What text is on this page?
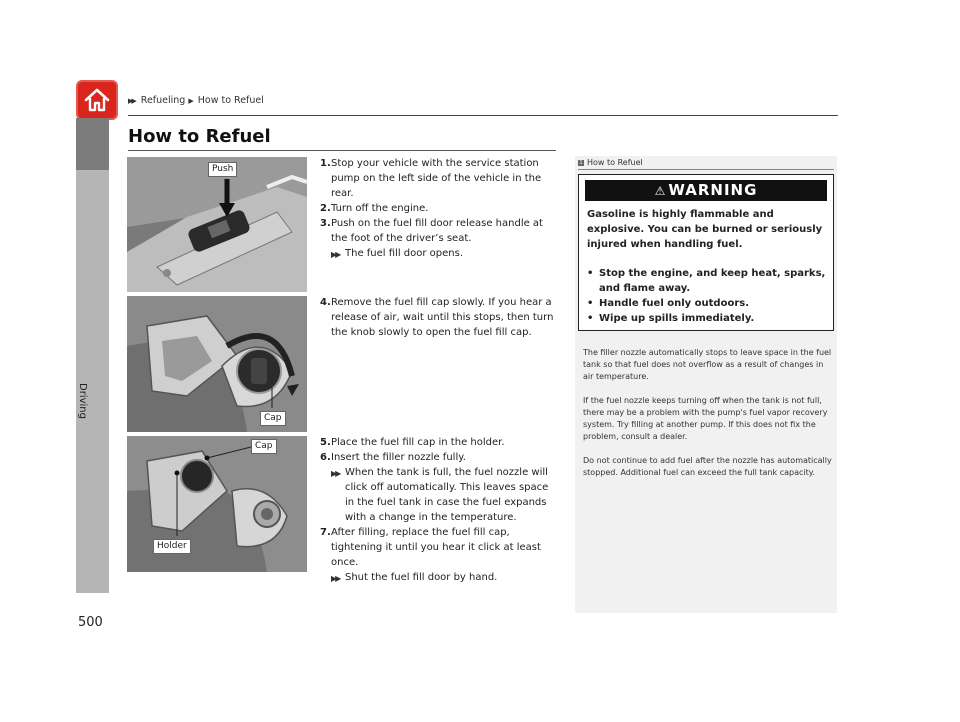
▶▶ Refueling ▶ How to Refuel
Driving
500
How to Refuel
Push
Cap
Cap
Holder
1. Stop your vehicle with the service station pump on the left side of the vehicle in the rear.
2. Turn off the engine.
3. Push on the fuel fill door release handle at the foot of the driver’s seat.
▶▶ The fuel fill door opens.
4. Remove the fuel fill cap slowly. If you hear a release of air, wait until this stops, then turn the knob slowly to open the fuel fill cap.
5. Place the fuel fill cap in the holder.
6. Insert the filler nozzle fully.
▶▶ When the tank is full, the fuel nozzle will click off automatically. This leaves space in the fuel tank in case the fuel expands with a change in the temperature.
7. After filling, replace the fuel fill cap, tightening it until you hear it click at least once.
▶▶ Shut the fuel fill door by hand.
1 How to Refuel
⚠ WARNING
Gasoline is highly flammable and explosive. You can be burned or seriously injured when handling fuel.
• Stop the engine, and keep heat, sparks, and flame away.
• Handle fuel only outdoors.
• Wipe up spills immediately.

The filler nozzle automatically stops to leave space in the fuel tank so that fuel does not overflow as a result of changes in air temperature.

If the fuel nozzle keeps turning off when the tank is not full, there may be a problem with the pump's fuel vapor recovery system. Try filling at another pump. If this does not fix the problem, consult a dealer.

Do not continue to add fuel after the nozzle has automatically stopped. Additional fuel can exceed the full tank capacity.
